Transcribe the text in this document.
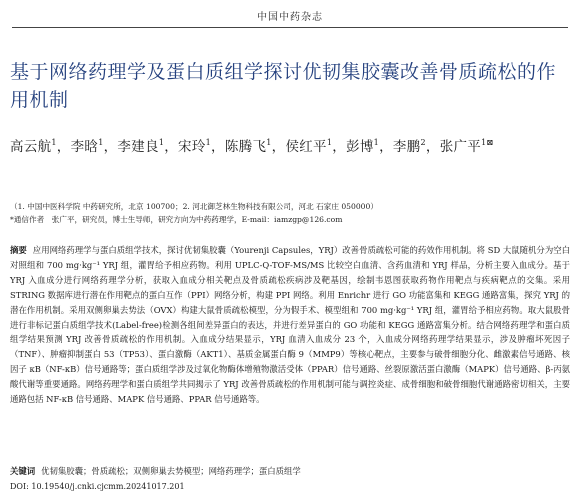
中国中药杂志
基于网络药理学及蛋白质组学探讨优韧集胶囊改善骨质疏松的作用机制
高云航$^1$，李晗$^1$，李建良$^1$，宋玲$^1$，陈腾飞$^1$，侯红平$^1$，彭博$^1$，李鹏$^2$，张广平$^{1⊠}$
（1. 中国中医科学院 中药研究所，北京 100700；2. 河北御芝林生物科技有限公司，河北 石家庄 050000）
*通信作者　张广平，研究员，博士生导师，研究方向为中药药理学，E-mail：iamzgp@126.com
摘要 应用网络药理学与蛋白质组学技术，探讨优韧集胶囊（Yourenji Capsules，YRJ）改善骨质疏松可能的药效作用机制。将 SD 大鼠随机分为空白对照组和 700 mg·kg⁻¹ YRJ 组，灌胃给予相应药物。利用 UPLC-Q-TOF-MS/MS 比较空白血清、含药血清和 YRJ 样品，分析主要入血成分。基于 YRJ 入血成分进行网络药理学分析，获取入血成分相关靶点及骨质疏松疾病涉及靶基因，绘制韦恩图获取药物作用靶点与疾病靶点的交集。采用 STRING 数据库进行潜在作用靶点的蛋白互作（PPI）网络分析，构建 PPI 网络。利用 Enrichr 进行 GO 功能富集和 KEGG 通路富集，探究 YRJ 的潜在作用机制。采用双侧卵巢去势法（OVX）构建大鼠骨质疏松模型，分为假手术、模型组和 700 mg·kg⁻¹ YRJ 组，灌胃给予相应药物。取大鼠股骨进行非标记蛋白质组学技术(Label-free)检测各组间差异蛋白的表达，并进行差异蛋白的 GO 功能和 KEGG 通路富集分析。结合网络药理学和蛋白质组学结果预测 YRJ 改善骨质疏松的作用机制。入血成分结果显示，YRJ 血清入血成分 23 个，入血成分网络药理学结果显示，涉及肿瘤坏死因子（TNF）、肿瘤抑制蛋白 53（TP53）、蛋白激酶（AKT1）、基质金属蛋白酶 9（MMP9）等核心靶点，主要参与破骨细胞分化、雌激素信号通路、核因子 κB（NF-κB）信号通路等；蛋白质组学涉及过氧化物酶体增殖物激活受体（PPAR）信号通路、丝裂原激活蛋白激酶（MAPK）信号通路、β-丙氨酸代谢等重要通路。网络药理学和蛋白质组学共同揭示了 YRJ 改善骨质疏松的作用机制可能与调控炎症、成骨细胞和破骨细胞代谢通路密切相关，主要通路包括 NF-κB 信号通路、MAPK 信号通路、PPAR 信号通路等。
关键词 优韧集胶囊；骨质疏松；双侧卵巢去势模型；网络药理学；蛋白质组学
DOI: 10.19540/j.cnki.cjcmm.20241017.201
